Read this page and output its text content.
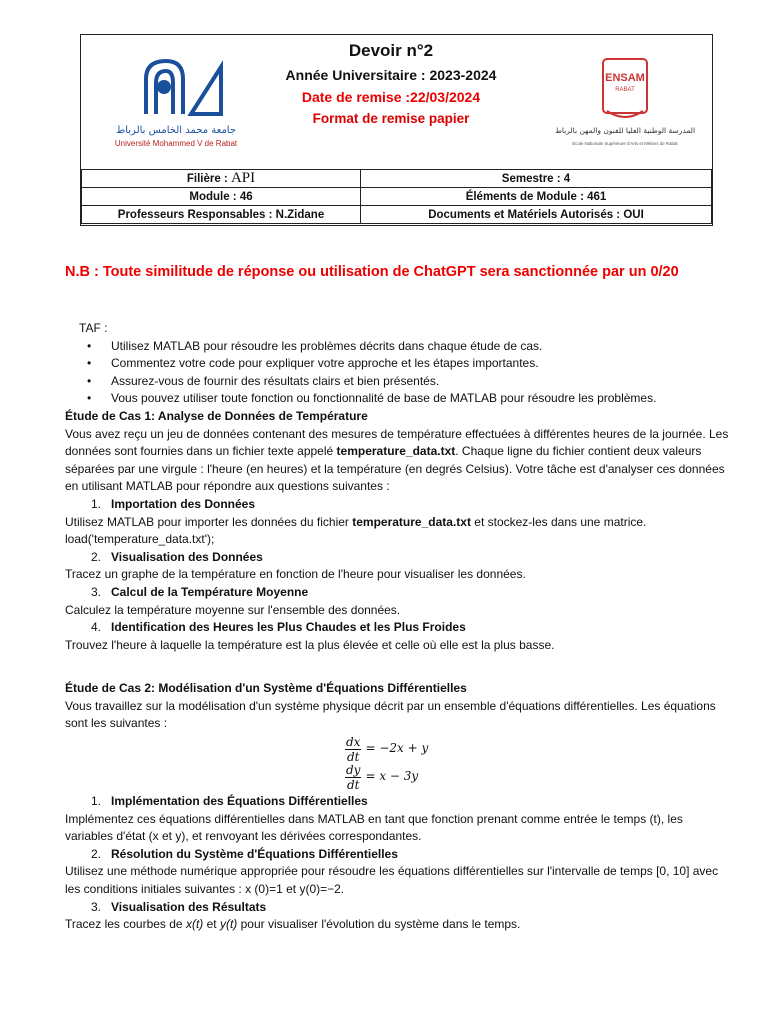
جامعة محمد الخامس بالرباط
Université Mohammed V de Rabat
Devoir n°2
Année Universitaire : 2023-2024
Date de remise :22/03/2024
Format de remise papier
ENSAM
RABAT
المدرسة الوطنية العليا للفنون والمهن بالرباط
Ecole Nationale Supérieure d'Arts et Métiers de Rabat
Filière : API	Semestre : 4
Module : 46	Éléments de Module : 461
Professeurs Responsables : N.Zidane	Documents et Matériels Autorisés : OUI
N.B : Toute similitude de réponse ou utilisation de ChatGPT sera sanctionnée par un 0/20

TAF :

• Utilisez MATLAB pour résoudre les problèmes décrits dans chaque étude de cas.
• Commentez votre code pour expliquer votre approche et les étapes importantes.
• Assurez-vous de fournir des résultats clairs et bien présentés.
• Vous pouvez utiliser toute fonction ou fonctionnalité de base de MATLAB pour résoudre les problèmes.

Étude de Cas 1: Analyse de Données de Température

Vous avez reçu un jeu de données contenant des mesures de température effectuées à différentes heures de la journée. Les données sont fournies dans un fichier texte appelé temperature_data.txt. Chaque ligne du fichier contient deux valeurs séparées par une virgule : l'heure (en heures) et la température (en degrés Celsius). Votre tâche est d'analyser ces données en utilisant MATLAB pour répondre aux questions suivantes :

1. Importation des Données

Utilisez MATLAB pour importer les données du fichier temperature_data.txt et stockez-les dans une matrice.

load('temperature_data.txt');

2. Visualisation des Données

Tracez un graphe de la température en fonction de l'heure pour visualiser les données.

3. Calcul de la Température Moyenne

Calculez la température moyenne sur l'ensemble des données.

4. Identification des Heures les Plus Chaudes et les Plus Froides

Trouvez l'heure à laquelle la température est la plus élevée et celle où elle est la plus basse.

Étude de Cas 2: Modélisation d'un Système d'Équations Différentielles

Vous travaillez sur la modélisation d'un système physique décrit par un ensemble d'équations différentielles. Les équations sont les suivantes :

$\frac{dx}{dt} = -2x + y$
$\frac{dy}{dt} = x - 3y$
1. Implémentation des Équations Différentielles

Implémentez ces équations différentielles dans MATLAB en tant que fonction prenant comme entrée le temps (t), les variables d'état (x et y), et renvoyant les dérivées correspondantes.

2. Résolution du Système d'Équations Différentielles

Utilisez une méthode numérique appropriée pour résoudre les équations différentielles sur l'intervalle de temps [0, 10] avec les conditions initiales suivantes : x (0)=1 et y(0)=−2.

3. Visualisation des Résultats

Tracez les courbes de x(t) et y(t) pour visualiser l'évolution du système dans le temps.
